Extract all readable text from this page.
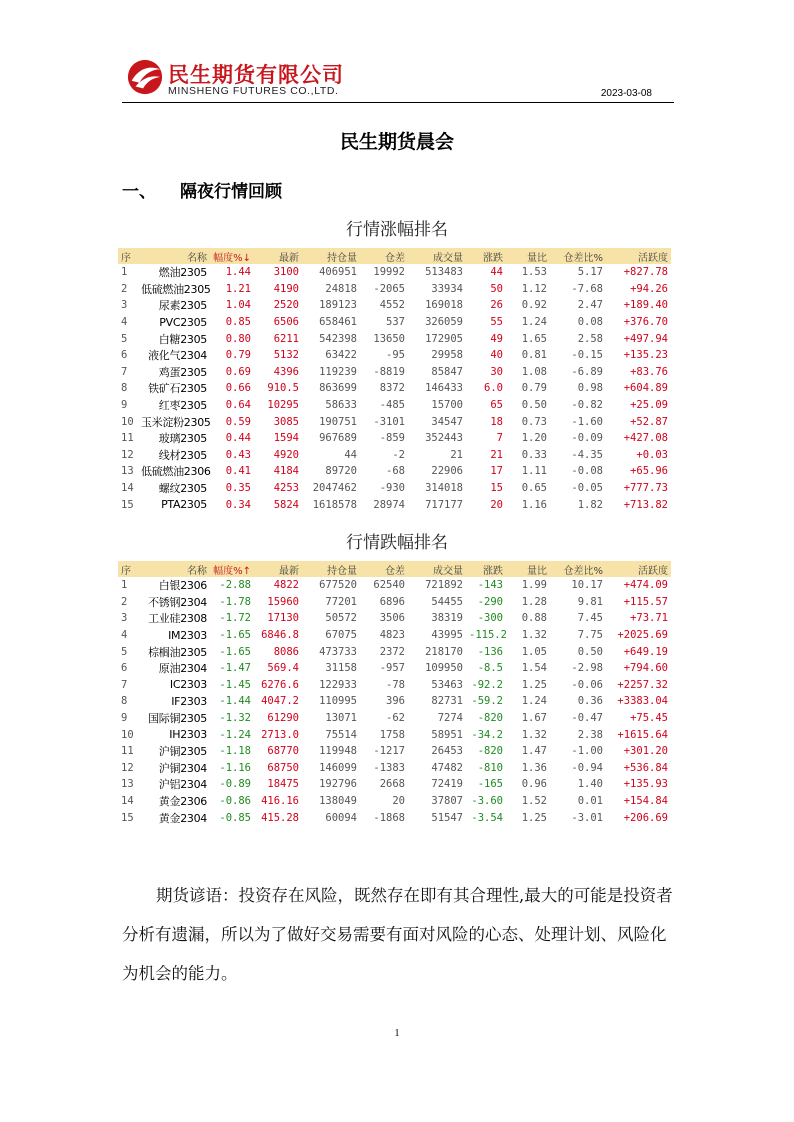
民生期货有限公司
MINSHENG FUTURES CO.,LTD.	2023-03-08
民生期货晨会
一、 隔夜行情回顾
行情涨幅排名
序	名称	幅度%↓	最新	持仓量	仓差	成交量	涨跌	量比	仓差比%	活跃度
1	燃油2305	1.44	3100	406951	19992	513483	44	1.53	5.17	+827.78
2	低硫燃油2305	1.21	4190	24818	-2065	33934	50	1.12	-7.68	+94.26
3	尿素2305	1.04	2520	189123	4552	169018	26	0.92	2.47	+189.40
4	PVC2305	0.85	6506	658461	537	326059	55	1.24	0.08	+376.70
5	白糖2305	0.80	6211	542398	13650	172905	49	1.65	2.58	+497.94
6	液化气2304	0.79	5132	63422	-95	29958	40	0.81	-0.15	+135.23
7	鸡蛋2305	0.69	4396	119239	-8819	85847	30	1.08	-6.89	+83.76
8	铁矿石2305	0.66	910.5	863699	8372	146433	6.0	0.79	0.98	+604.89
9	红枣2305	0.64	10295	58633	-485	15700	65	0.50	-0.82	+25.09
10	玉米淀粉2305	0.59	3085	190751	-3101	34547	18	0.73	-1.60	+52.87
11	玻璃2305	0.44	1594	967689	-859	352443	7	1.20	-0.09	+427.08
12	线材2305	0.43	4920	44	-2	21	21	0.33	-4.35	+0.03
13	低硫燃油2306	0.41	4184	89720	-68	22906	17	1.11	-0.08	+65.96
14	螺纹2305	0.35	4253	2047462	-930	314018	15	0.65	-0.05	+777.73
15	PTA2305	0.34	5824	1618578	28974	717177	20	1.16	1.82	+713.82
行情跌幅排名
序	名称	幅度%↑	最新	持仓量	仓差	成交量	涨跌	量比	仓差比%	活跃度
1	白银2306	-2.88	4822	677520	62540	721892	-143	1.99	10.17	+474.09
2	不锈钢2304	-1.78	15960	77201	6896	54455	-290	1.28	9.81	+115.57
3	工业硅2308	-1.72	17130	50572	3506	38319	-300	0.88	7.45	+73.71
4	IM2303	-1.65	6846.8	67075	4823	43995	-115.2	1.32	7.75	+2025.69
5	棕榈油2305	-1.65	8086	473733	2372	218170	-136	1.05	0.50	+649.19
6	原油2304	-1.47	569.4	31158	-957	109950	-8.5	1.54	-2.98	+794.60
7	IC2303	-1.45	6276.6	122933	-78	53463	-92.2	1.25	-0.06	+2257.32
8	IF2303	-1.44	4047.2	110995	396	82731	-59.2	1.24	0.36	+3383.04
9	国际铜2305	-1.32	61290	13071	-62	7274	-820	1.67	-0.47	+75.45
10	IH2303	-1.24	2713.0	75514	1758	58951	-34.2	1.32	2.38	+1615.64
11	沪铜2305	-1.18	68770	119948	-1217	26453	-820	1.47	-1.00	+301.20
12	沪铜2304	-1.16	68750	146099	-1383	47482	-810	1.36	-0.94	+536.84
13	沪铝2304	-0.89	18475	192796	2668	72419	-165	0.96	1.40	+135.93
14	黄金2306	-0.86	416.16	138049	20	37807	-3.60	1.52	0.01	+154.84
15	黄金2304	-0.85	415.28	60094	-1868	51547	-3.54	1.25	-3.01	+206.69
期货谚语：投资存在风险，既然存在即有其合理性,最大的可能是投资者分析有遗漏，所以为了做好交易需要有面对风险的心态、处理计划、风险化为机会的能力。
1
